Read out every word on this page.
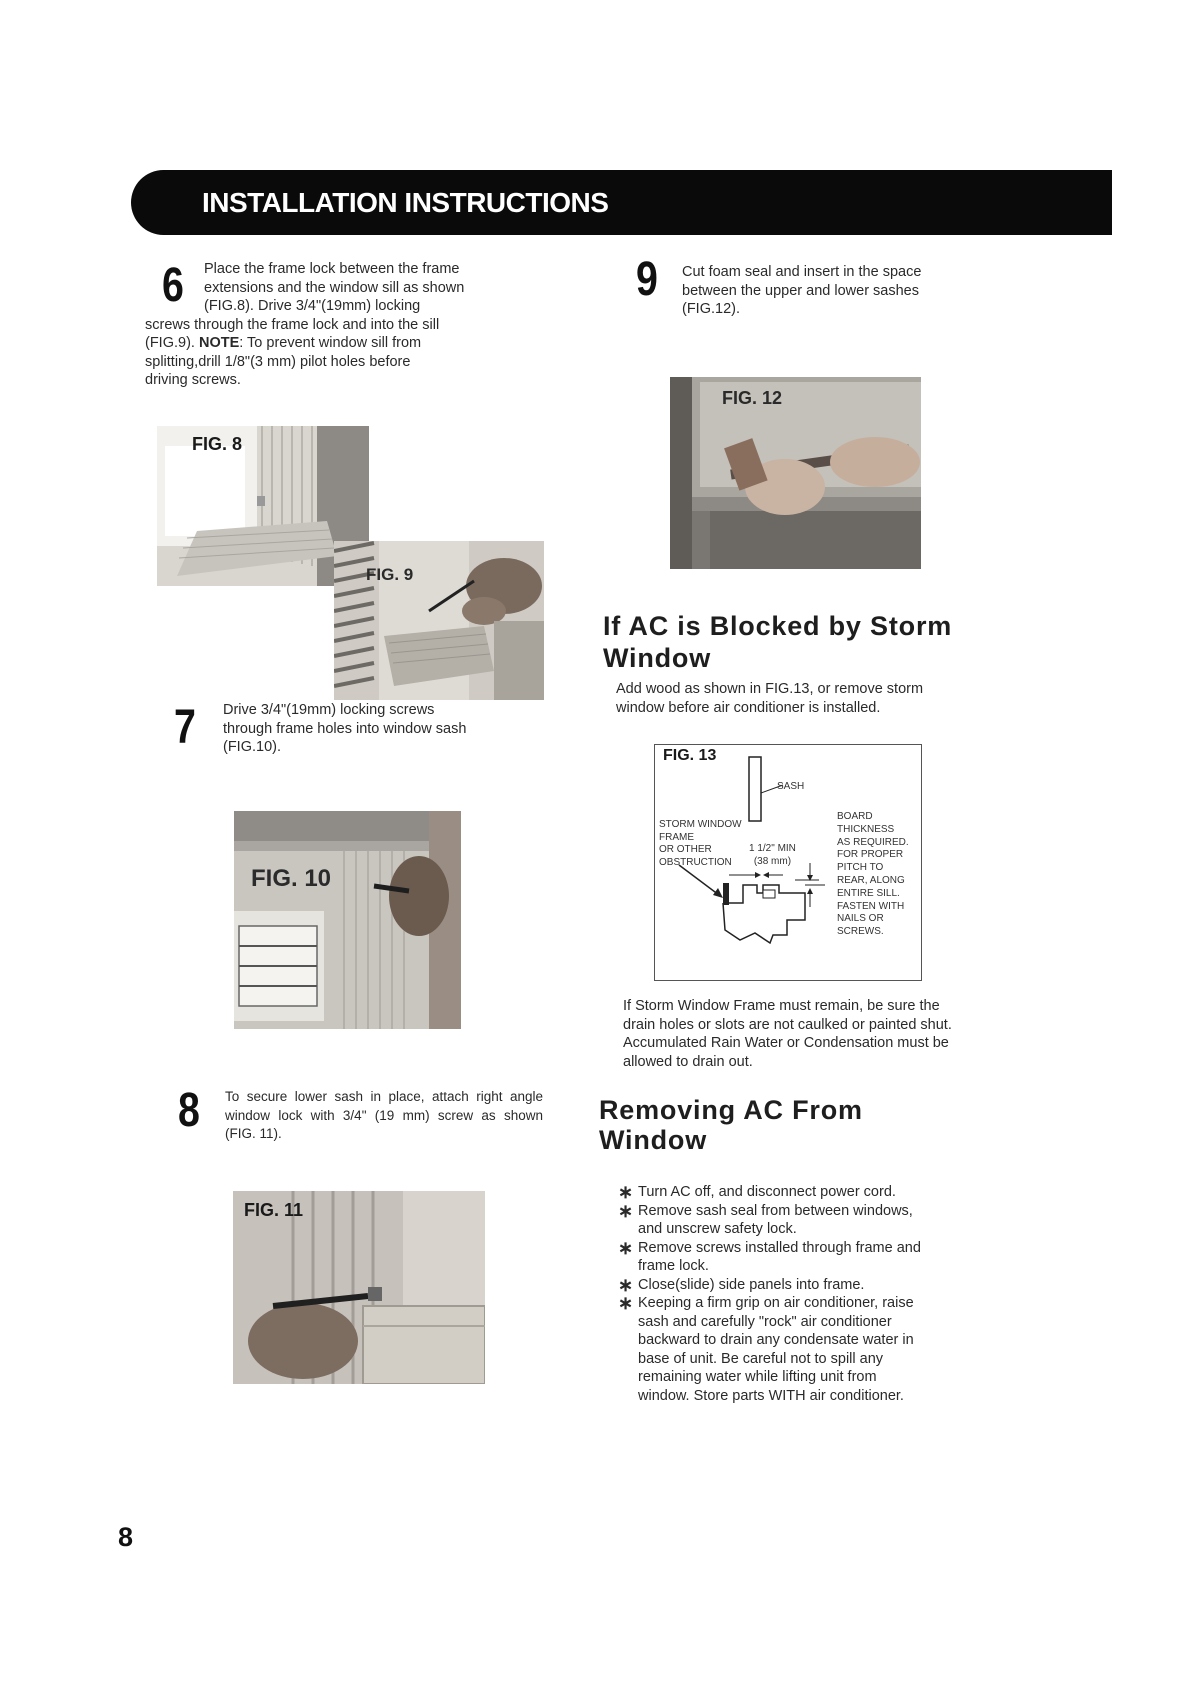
INSTALLATION INSTRUCTIONS
6 Place the frame lock between the frame
extensions and the window sill as shown
(FIG.8). Drive 3/4"(19mm) locking
screws through the frame lock and into the sill
(FIG.9). NOTE: To prevent window sill from
splitting,drill 1/8"(3 mm) pilot holes before
driving screws.
FIG. 8
FIG. 9
7 Drive 3/4"(19mm) locking screws
through frame holes into window sash
(FIG.10).
FIG. 10
8 To secure lower sash in place, attach right angle
window lock with 3/4" (19 mm) screw as shown
(FIG. 11).
FIG. 11
9 Cut foam seal and insert in the space
between the upper and lower sashes
(FIG.12).
FIG. 12
If AC is Blocked by Storm
Window
Add wood as shown in FIG.13, or remove storm
window before air conditioner is installed.
FIG. 13
SASH
STORM WINDOW
FRAME
OR OTHER
OBSTRUCTION
1 1/2" MIN
(38 mm)
BOARD
THICKNESS
AS REQUIRED.
FOR PROPER
PITCH TO
REAR, ALONG
ENTIRE SILL.
FASTEN WITH
NAILS OR
SCREWS.
If Storm Window Frame must remain, be sure the
drain holes or slots are not caulked or painted shut.
Accumulated Rain Water or Condensation must be
allowed to drain out.
Removing AC From
Window
∗ Turn AC off, and disconnect power cord.
∗ Remove sash seal from between windows,
and unscrew safety lock.
∗ Remove screws installed through frame and
frame lock.
∗ Close(slide) side panels into frame.
∗ Keeping a firm grip on air conditioner, raise
sash and carefully "rock" air conditioner
backward to drain any condensate water in
base of unit. Be careful not to spill any
remaining water while lifting unit from
window. Store parts WITH air conditioner.
8
